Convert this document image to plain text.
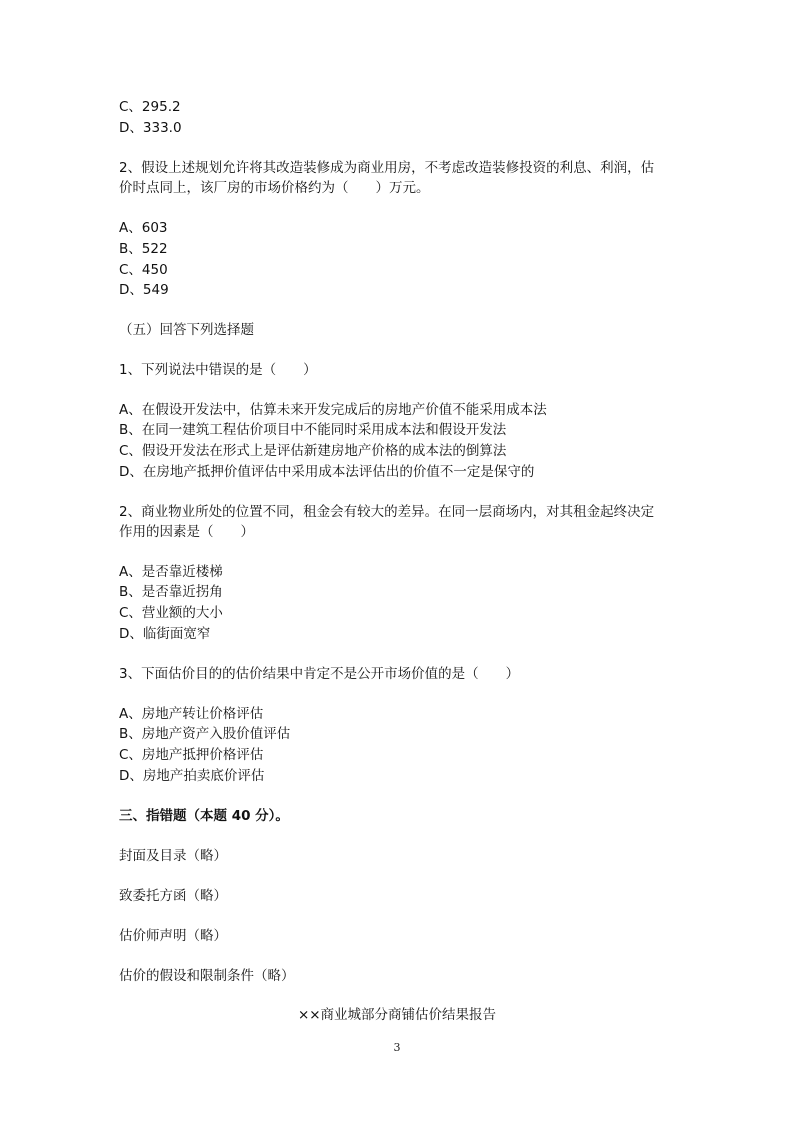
C、295.2
D、333.0
2、假设上述规划允许将其改造装修成为商业用房，不考虑改造装修投资的利息、利润，估
价时点同上，该厂房的市场价格约为（　　）万元。
A、603
B、522
C、450
D、549
（五）回答下列选择题
1、下列说法中错误的是（　　）
A、在假设开发法中，估算未来开发完成后的房地产价值不能采用成本法
B、在同一建筑工程估价项目中不能同时采用成本法和假设开发法
C、假设开发法在形式上是评估新建房地产价格的成本法的倒算法
D、在房地产抵押价值评估中采用成本法评估出的价值不一定是保守的
2、商业物业所处的位置不同，租金会有较大的差异。在同一层商场内，对其租金起终决定
作用的因素是（　　）
A、是否靠近楼梯
B、是否靠近拐角
C、营业额的大小
D、临街面宽窄
3、下面估价目的的估价结果中肯定不是公开市场价值的是（　　）
A、房地产转让价格评估
B、房地产资产入股价值评估
C、房地产抵押价格评估
D、房地产拍卖底价评估
三、指错题（本题 40 分）。
封面及目录（略）
致委托方函（略）
估价师声明（略）
估价的假设和限制条件（略）
××商业城部分商铺估价结果报告
3
